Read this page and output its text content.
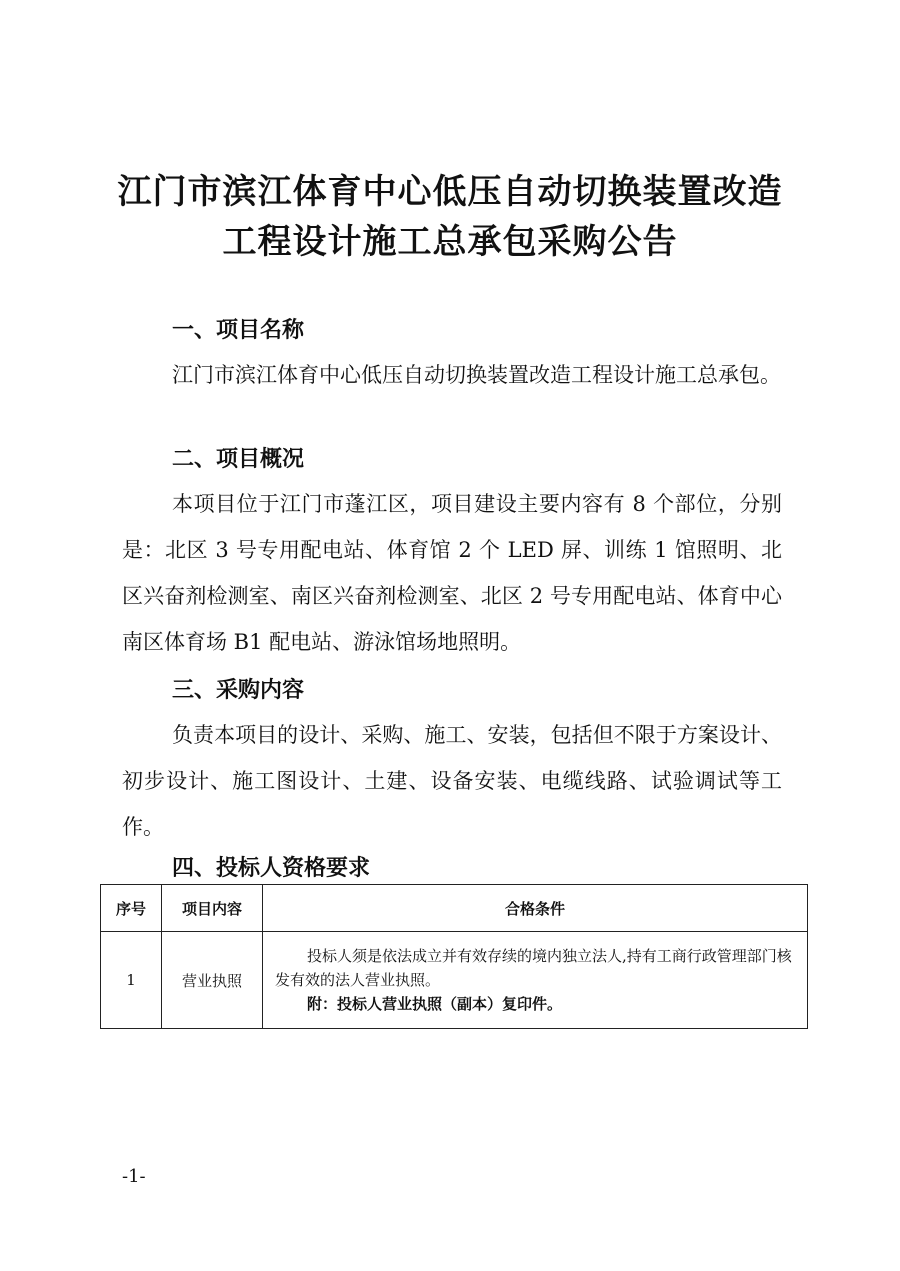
江门市滨江体育中心低压自动切换装置改造
工程设计施工总承包采购公告
一、项目名称
江门市滨江体育中心低压自动切换装置改造工程设计施工总承包。
二、项目概况
本项目位于江门市蓬江区，项目建设主要内容有 8 个部位，分别是：北区 3 号专用配电站、体育馆 2 个 LED 屏、训练 1 馆照明、北区兴奋剂检测室、南区兴奋剂检测室、北区 2 号专用配电站、体育中心南区体育场 B1 配电站、游泳馆场地照明。
三、采购内容
负责本项目的设计、采购、施工、安装，包括但不限于方案设计、初步设计、施工图设计、土建、设备安装、电缆线路、试验调试等工作。
四、投标人资格要求
序号	项目内容	合格条件
1	营业执照	投标人须是依法成立并有效存续的境内独立法人,持有工商行政管理部门核发有效的法人营业执照。
附：投标人营业执照（副本）复印件。
-1-
